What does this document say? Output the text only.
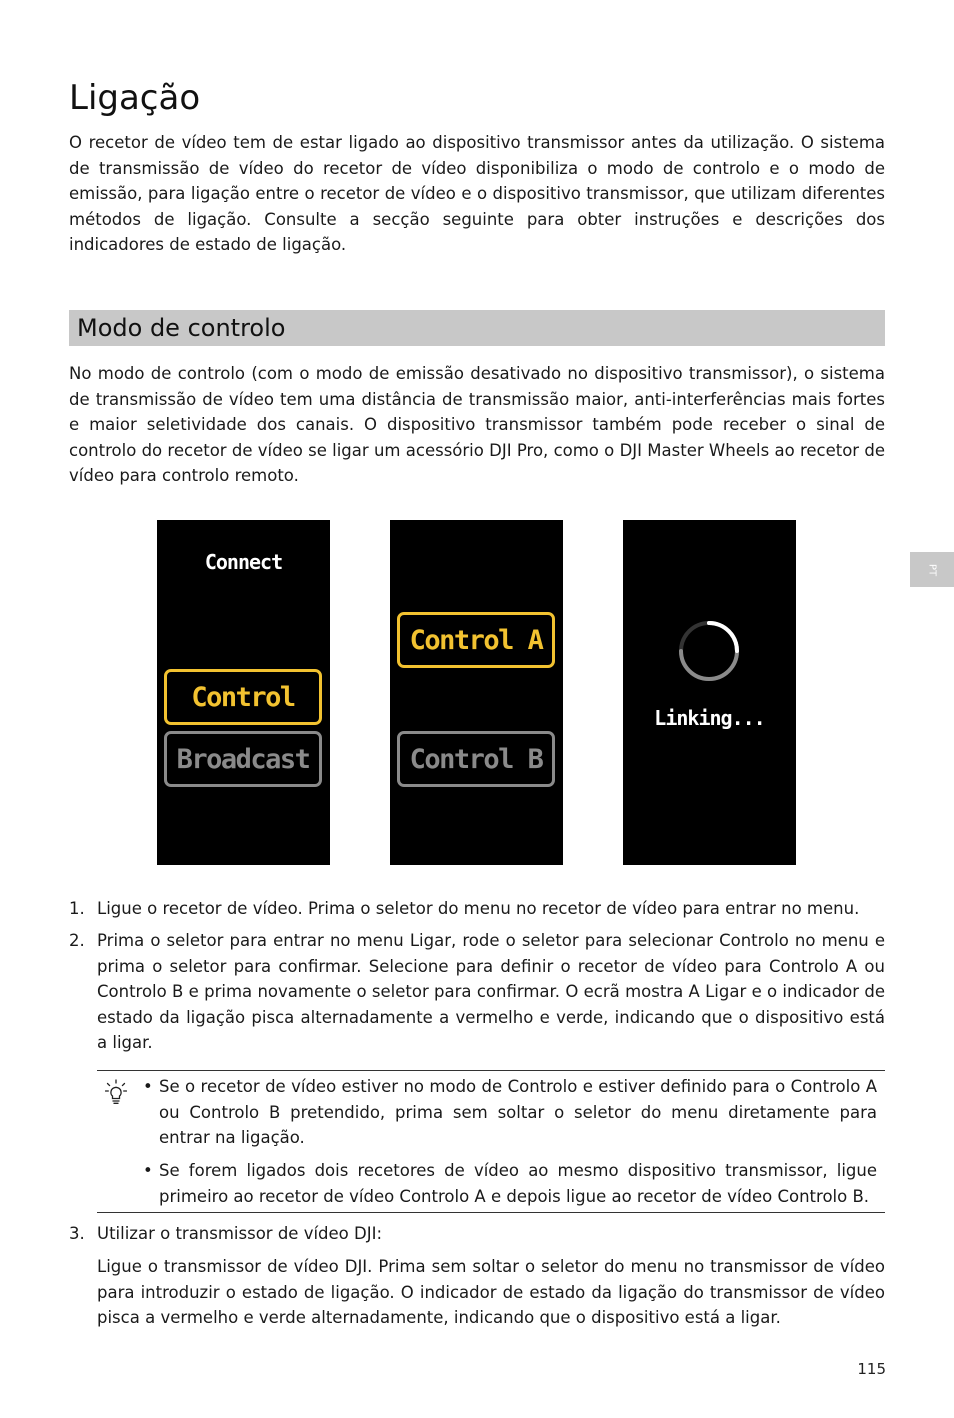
Ligação

O recetor de vídeo tem de estar ligado ao dispositivo transmissor antes da utilização. O sistema de transmissão de vídeo do recetor de vídeo disponibiliza o modo de controlo e o modo de emissão, para ligação entre o recetor de vídeo e o dispositivo transmissor, que utilizam diferentes métodos de ligação. Consulte a secção seguinte para obter instruções e descrições dos indicadores de estado de ligação.

Modo de controlo

No modo de controlo (com o modo de emissão desativado no dispositivo transmissor), o sistema de transmissão de vídeo tem uma distância de transmissão maior, anti-interferências mais fortes e maior seletividade dos canais. O dispositivo transmissor também pode receber o sinal de controlo do recetor de vídeo se ligar um acessório DJI Pro, como o DJI Master Wheels ao recetor de vídeo para controlo remoto.

Connect
Control
Broadcast
Control A
Control B
Linking...
1. Ligue o recetor de vídeo. Prima o seletor do menu no recetor de vídeo para entrar no menu.

2. Prima o seletor para entrar no menu Ligar, rode o seletor para selecionar Controlo no menu e prima o seletor para confirmar. Selecione para definir o recetor de vídeo para Controlo A ou Controlo B e prima novamente o seletor para confirmar. O ecrã mostra A Ligar e o indicador de estado da ligação pisca alternadamente a vermelho e verde, indicando que o dispositivo está a ligar.

• Se o recetor de vídeo estiver no modo de Controlo e estiver definido para o Controlo A ou Controlo B pretendido, prima sem soltar o seletor do menu diretamente para entrar na ligação.

• Se forem ligados dois recetores de vídeo ao mesmo dispositivo transmissor, ligue primeiro ao recetor de vídeo Controlo A e depois ligue ao recetor de vídeo Controlo B.

3. Utilizar o transmissor de vídeo DJI:

Ligue o transmissor de vídeo DJI. Prima sem soltar o seletor do menu no transmissor de vídeo para introduzir o estado de ligação. O indicador de estado da ligação do transmissor de vídeo pisca a vermelho e verde alternadamente, indicando que o dispositivo está a ligar.

PT
115
